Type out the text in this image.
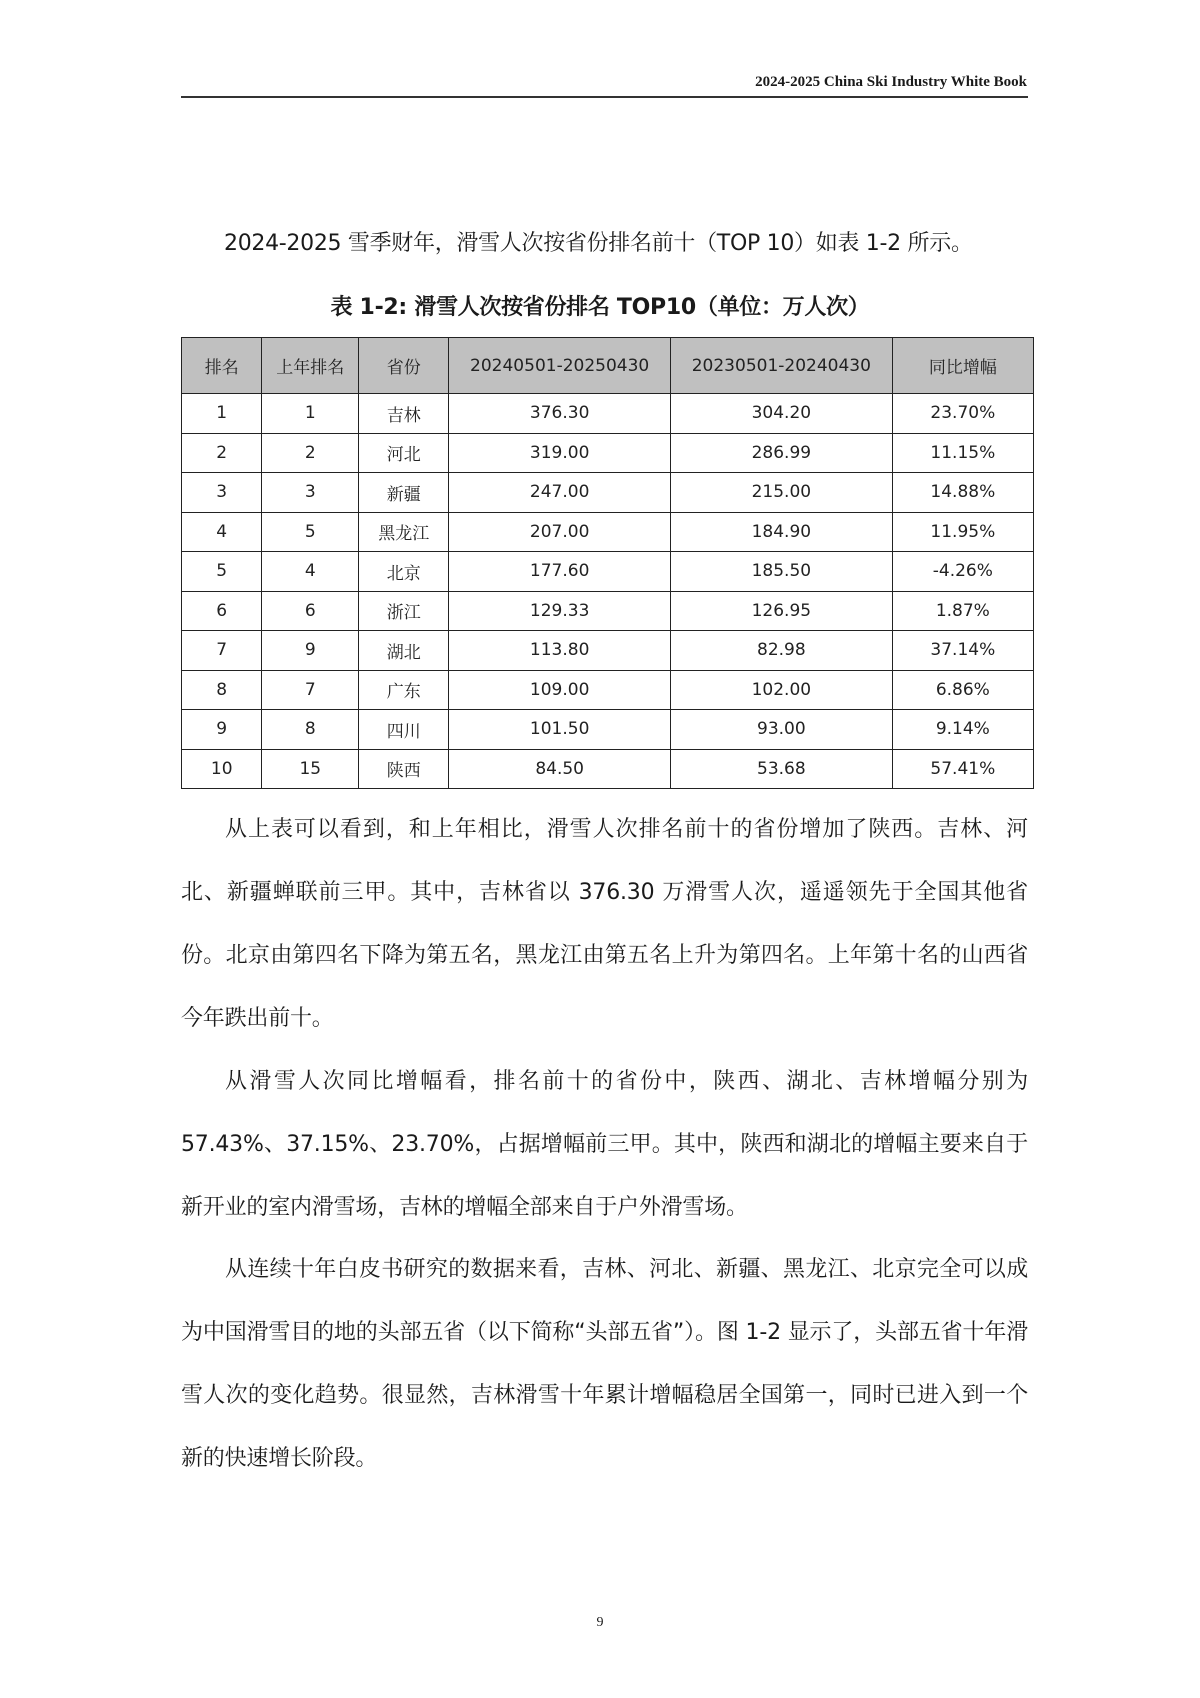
2024-2025 China Ski Industry White Book
2024-2025 雪季财年，滑雪人次按省份排名前十（TOP 10）如表 1-2 所示。
表 1-2: 滑雪人次按省份排名 TOP10（单位：万人次）
排名	上年排名	省份	20240501-20250430	20230501-20240430	同比增幅
1	1	吉林	376.30	304.20	23.70%
2	2	河北	319.00	286.99	11.15%
3	3	新疆	247.00	215.00	14.88%
4	5	黑龙江	207.00	184.90	11.95%
5	4	北京	177.60	185.50	-4.26%
6	6	浙江	129.33	126.95	1.87%
7	9	湖北	113.80	82.98	37.14%
8	7	广东	109.00	102.00	6.86%
9	8	四川	101.50	93.00	9.14%
10	15	陕西	84.50	53.68	57.41%

从上表可以看到，和上年相比，滑雪人次排名前十的省份增加了陕西。吉林、河北、新疆蝉联前三甲。其中，吉林省以 376.30 万滑雪人次，遥遥领先于全国其他省份。北京由第四名下降为第五名，黑龙江由第五名上升为第四名。上年第十名的山西省今年跌出前十。

从滑雪人次同比增幅看，排名前十的省份中，陕西、湖北、吉林增幅分别为 57.43%、37.15%、23.70%，占据增幅前三甲。其中，陕西和湖北的增幅主要来自于新开业的室内滑雪场，吉林的增幅全部来自于户外滑雪场。

从连续十年白皮书研究的数据来看，吉林、河北、新疆、黑龙江、北京完全可以成为中国滑雪目的地的头部五省（以下简称“头部五省”）。图 1-2 显示了，头部五省十年滑雪人次的变化趋势。很显然，吉林滑雪十年累计增幅稳居全国第一，同时已进入到一个新的快速增长阶段。

9
